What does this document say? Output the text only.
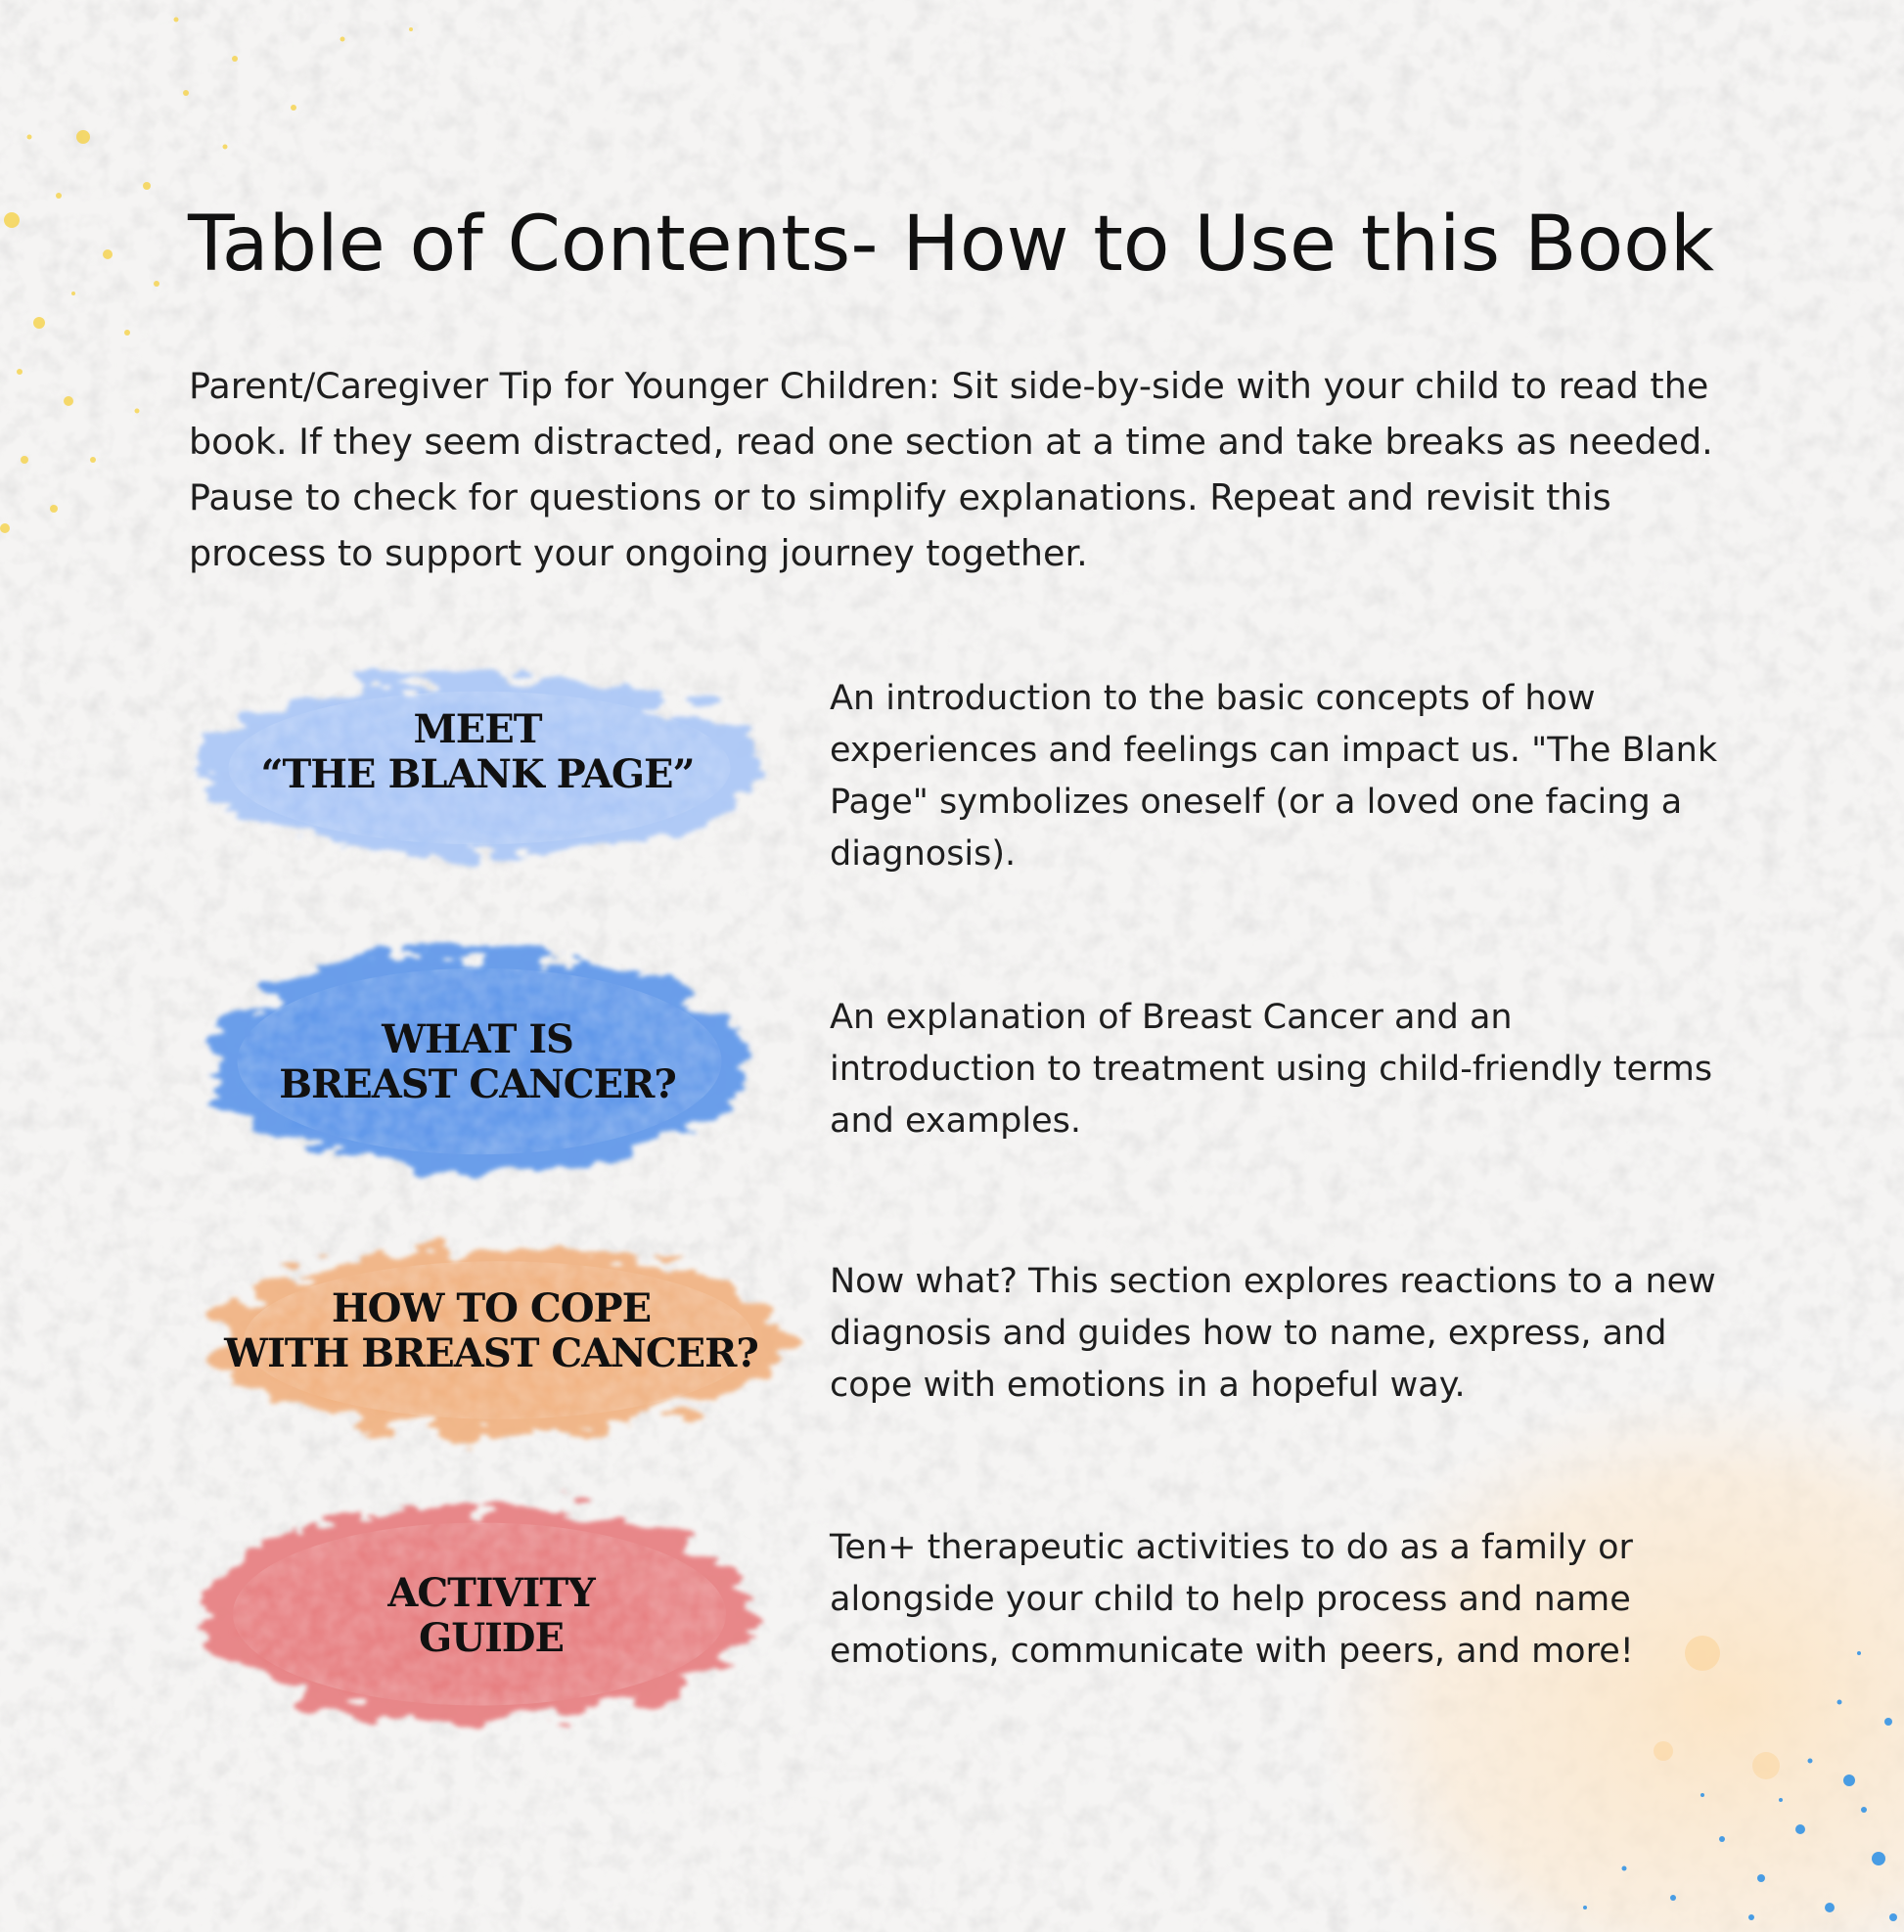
Table of Contents- How to Use this Book

Parent/Caregiver Tip for Younger Children: Sit side-by-side with your child to read the book. If they seem distracted, read one section at a time and take breaks as needed. Pause to check for questions or to simplify explanations. Repeat and revisit this process to support your ongoing journey together.

MEET
“THE BLANK PAGE”

An introduction to the basic concepts of how experiences and feelings can impact us. "The Blank Page" symbolizes oneself (or a loved one facing a diagnosis).

WHAT IS
BREAST CANCER?

An explanation of Breast Cancer and an introduction to treatment using child-friendly terms and examples.

HOW TO COPE
WITH BREAST CANCER?

Now what? This section explores reactions to a new diagnosis and guides how to name, express, and cope with emotions in a hopeful way.

ACTIVITY
GUIDE

Ten+ therapeutic activities to do as a family or alongside your child to help process and name emotions, communicate with peers, and more!
